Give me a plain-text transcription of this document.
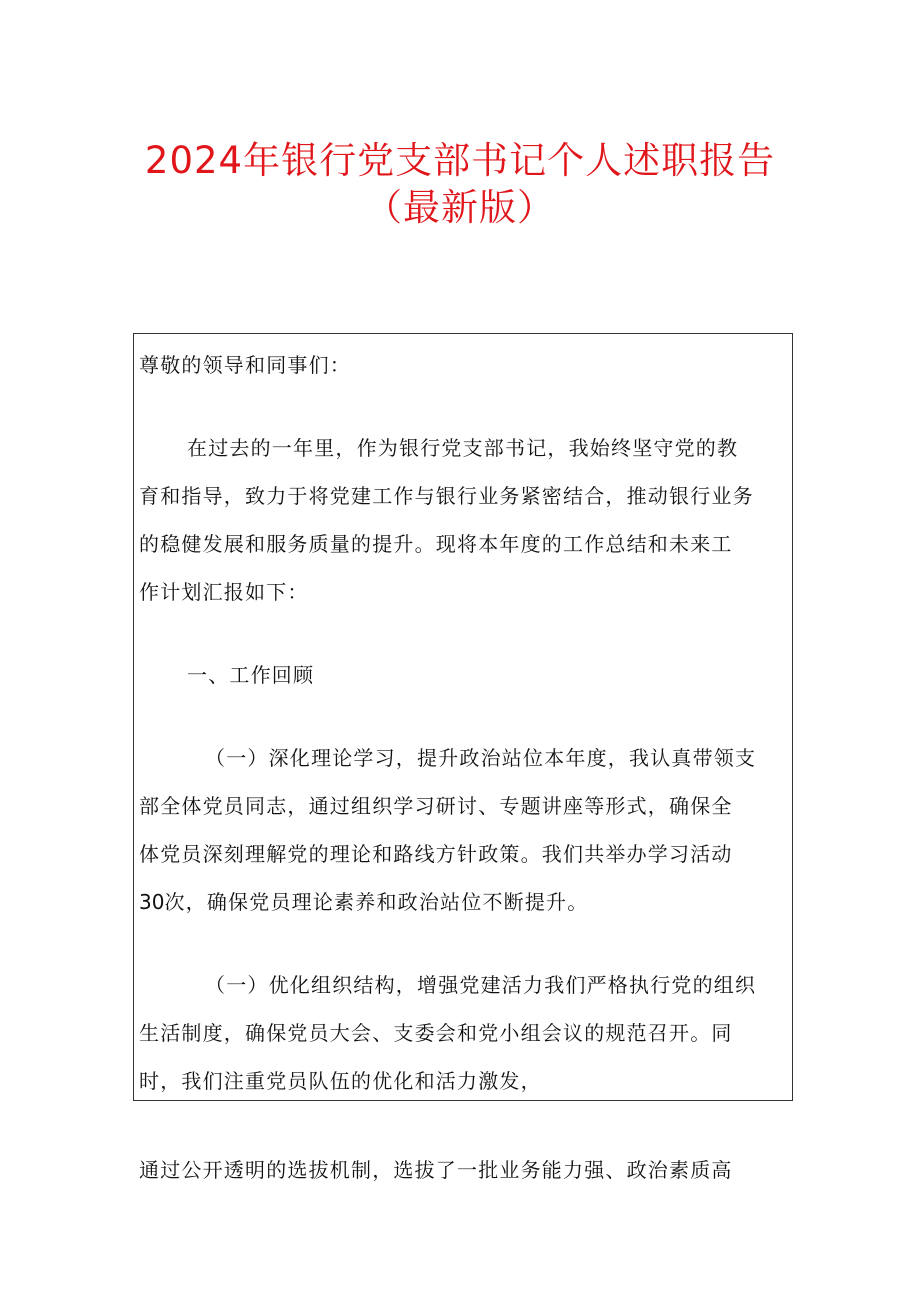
2024年银行党支部书记个人述职报告
（最新版）
尊敬的领导和同事们：
在过去的一年里，作为银行党支部书记，我始终坚守党的教
育和指导，致力于将党建工作与银行业务紧密结合，推动银行业务
的稳健发展和服务质量的提升。现将本年度的工作总结和未来工
作计划汇报如下：
一、工作回顾
（一）深化理论学习，提升政治站位本年度，我认真带领支
部全体党员同志，通过组织学习研讨、专题讲座等形式，确保全
体党员深刻理解党的理论和路线方针政策。我们共举办学习活动
30次，确保党员理论素养和政治站位不断提升。
（一）优化组织结构，增强党建活力我们严格执行党的组织
生活制度，确保党员大会、支委会和党小组会议的规范召开。同
时，我们注重党员队伍的优化和活力激发，
通过公开透明的选拔机制，选拔了一批业务能力强、政治素质高
